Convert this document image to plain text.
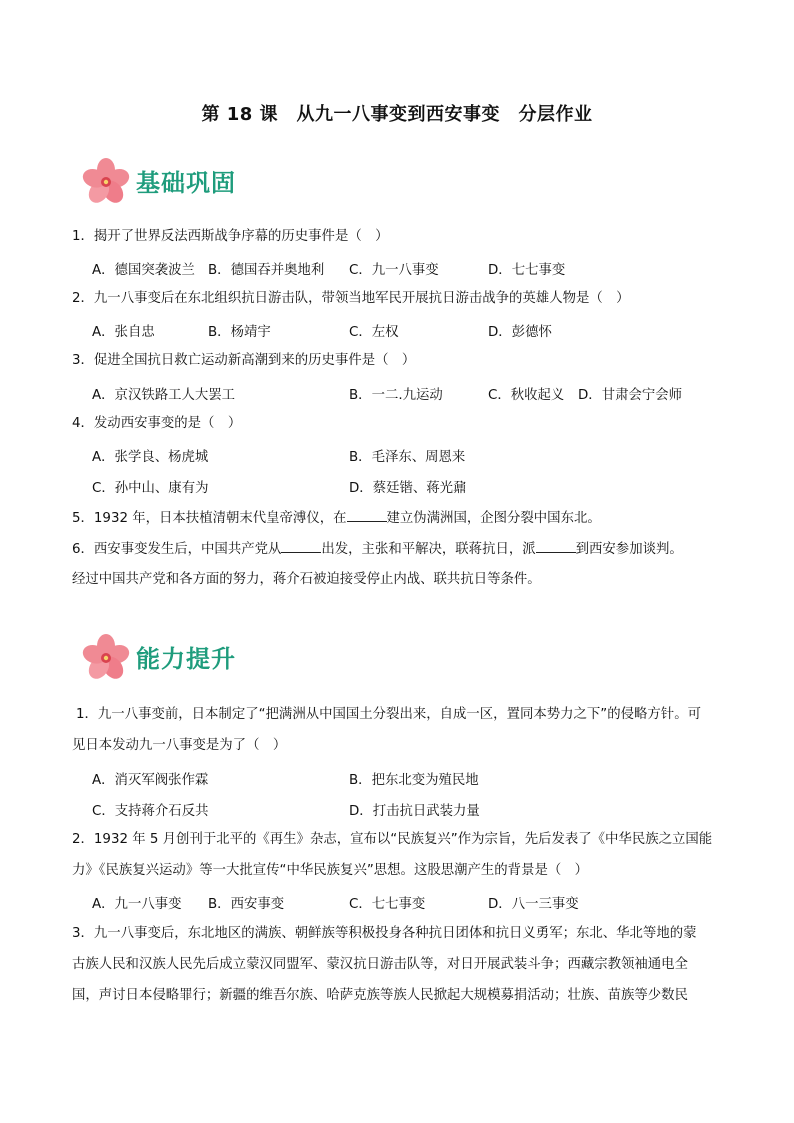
第 18 课　从九一八事变到西安事变　分层作业
基础巩固
1．揭开了世界反法西斯战争序幕的历史事件是（　）
A．德国突袭波兰 B．德国吞并奥地利 C．九一八事变	D．七七事变
2．九一八事变后在东北组织抗日游击队，带领当地军民开展抗日游击战争的英雄人物是（　）
A．张自忠	B．杨靖宇	C．左权	D．彭德怀
3．促进全国抗日救亡运动新高潮到来的历史事件是（　）
A．京汉铁路工人大罢工	B．一二.九运动	C．秋收起义 D．甘肃会宁会师
4．发动西安事变的是（　）
A．张学良、杨虎城	B．毛泽东、周恩来
C．孙中山、康有为	D．蔡廷锴、蒋光鼐
5．1932 年，日本扶植清朝末代皇帝溥仪，在	建立伪满洲国，企图分裂中国东北。
6．西安事变发生后，中国共产党从	出发，主张和平解决，联蒋抗日，派	到西安参加谈判。
经过中国共产党和各方面的努力，蒋介石被迫接受停止内战、联共抗日等条件。
能力提升
1．九一八事变前，日本制定了“把满洲从中国国土分裂出来，自成一区，置同本势力之下”的侵略方针。可
见日本发动九一八事变是为了（　）
A．消灭军阀张作霖	B．把东北变为殖民地
C．支持蒋介石反共	D．打击抗日武装力量
2．1932 年 5 月创刊于北平的《再生》杂志，宣布以“民族复兴”作为宗旨，先后发表了《中华民族之立国能
力》《民族复兴运动》等一大批宣传“中华民族复兴”思想。这股思潮产生的背景是（　）
A．九一八事变 B．西安事变	C．七七事变	D．八一三事变
3．九一八事变后，东北地区的满族、朝鲜族等积极投身各种抗日团体和抗日义勇军；东北、华北等地的蒙
古族人民和汉族人民先后成立蒙汉同盟军、蒙汉抗日游击队等，对日开展武装斗争；西藏宗教领袖通电全
国，声讨日本侵略罪行；新疆的维吾尔族、哈萨克族等族人民掀起大规模募捐活动；壮族、苗族等少数民
